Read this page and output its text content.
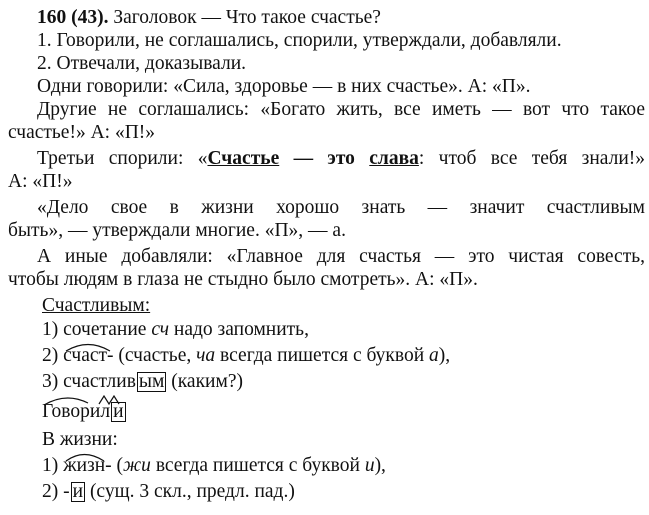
160 (43). Заголовок — Что такое счастье?
1. Говорили, не соглашались, спорили, утверждали, добавляли.
2. Отвечали, доказывали.
Одни говорили: «Сила, здоровье — в них счастье». А: «П».
Другие не соглашались: «Богато жить, все иметь — вот что такое
счастье!» А: «П!»
Третьи спорили: «Счастье — это слава: чтоб все тебя знали!»
А: «П!»
«Дело свое в жизни хорошо знать — значит счастливым
быть», — утверждали многие. «П», — а.
А иные добавляли: «Главное для счастья — это чистая совесть,
чтобы людям в глаза не стыдно было смотреть». А: «П».
Счастливым:
1) сочетание сч надо запомнить,
2) счаст- (счастье, ча всегда пишется с буквой а),
3) счастлив ым (каким?)
Говорил и
В жизни:
1) жизн- (жи всегда пишется с буквой и),
2) - и (сущ. 3 скл., предл. пад.)
